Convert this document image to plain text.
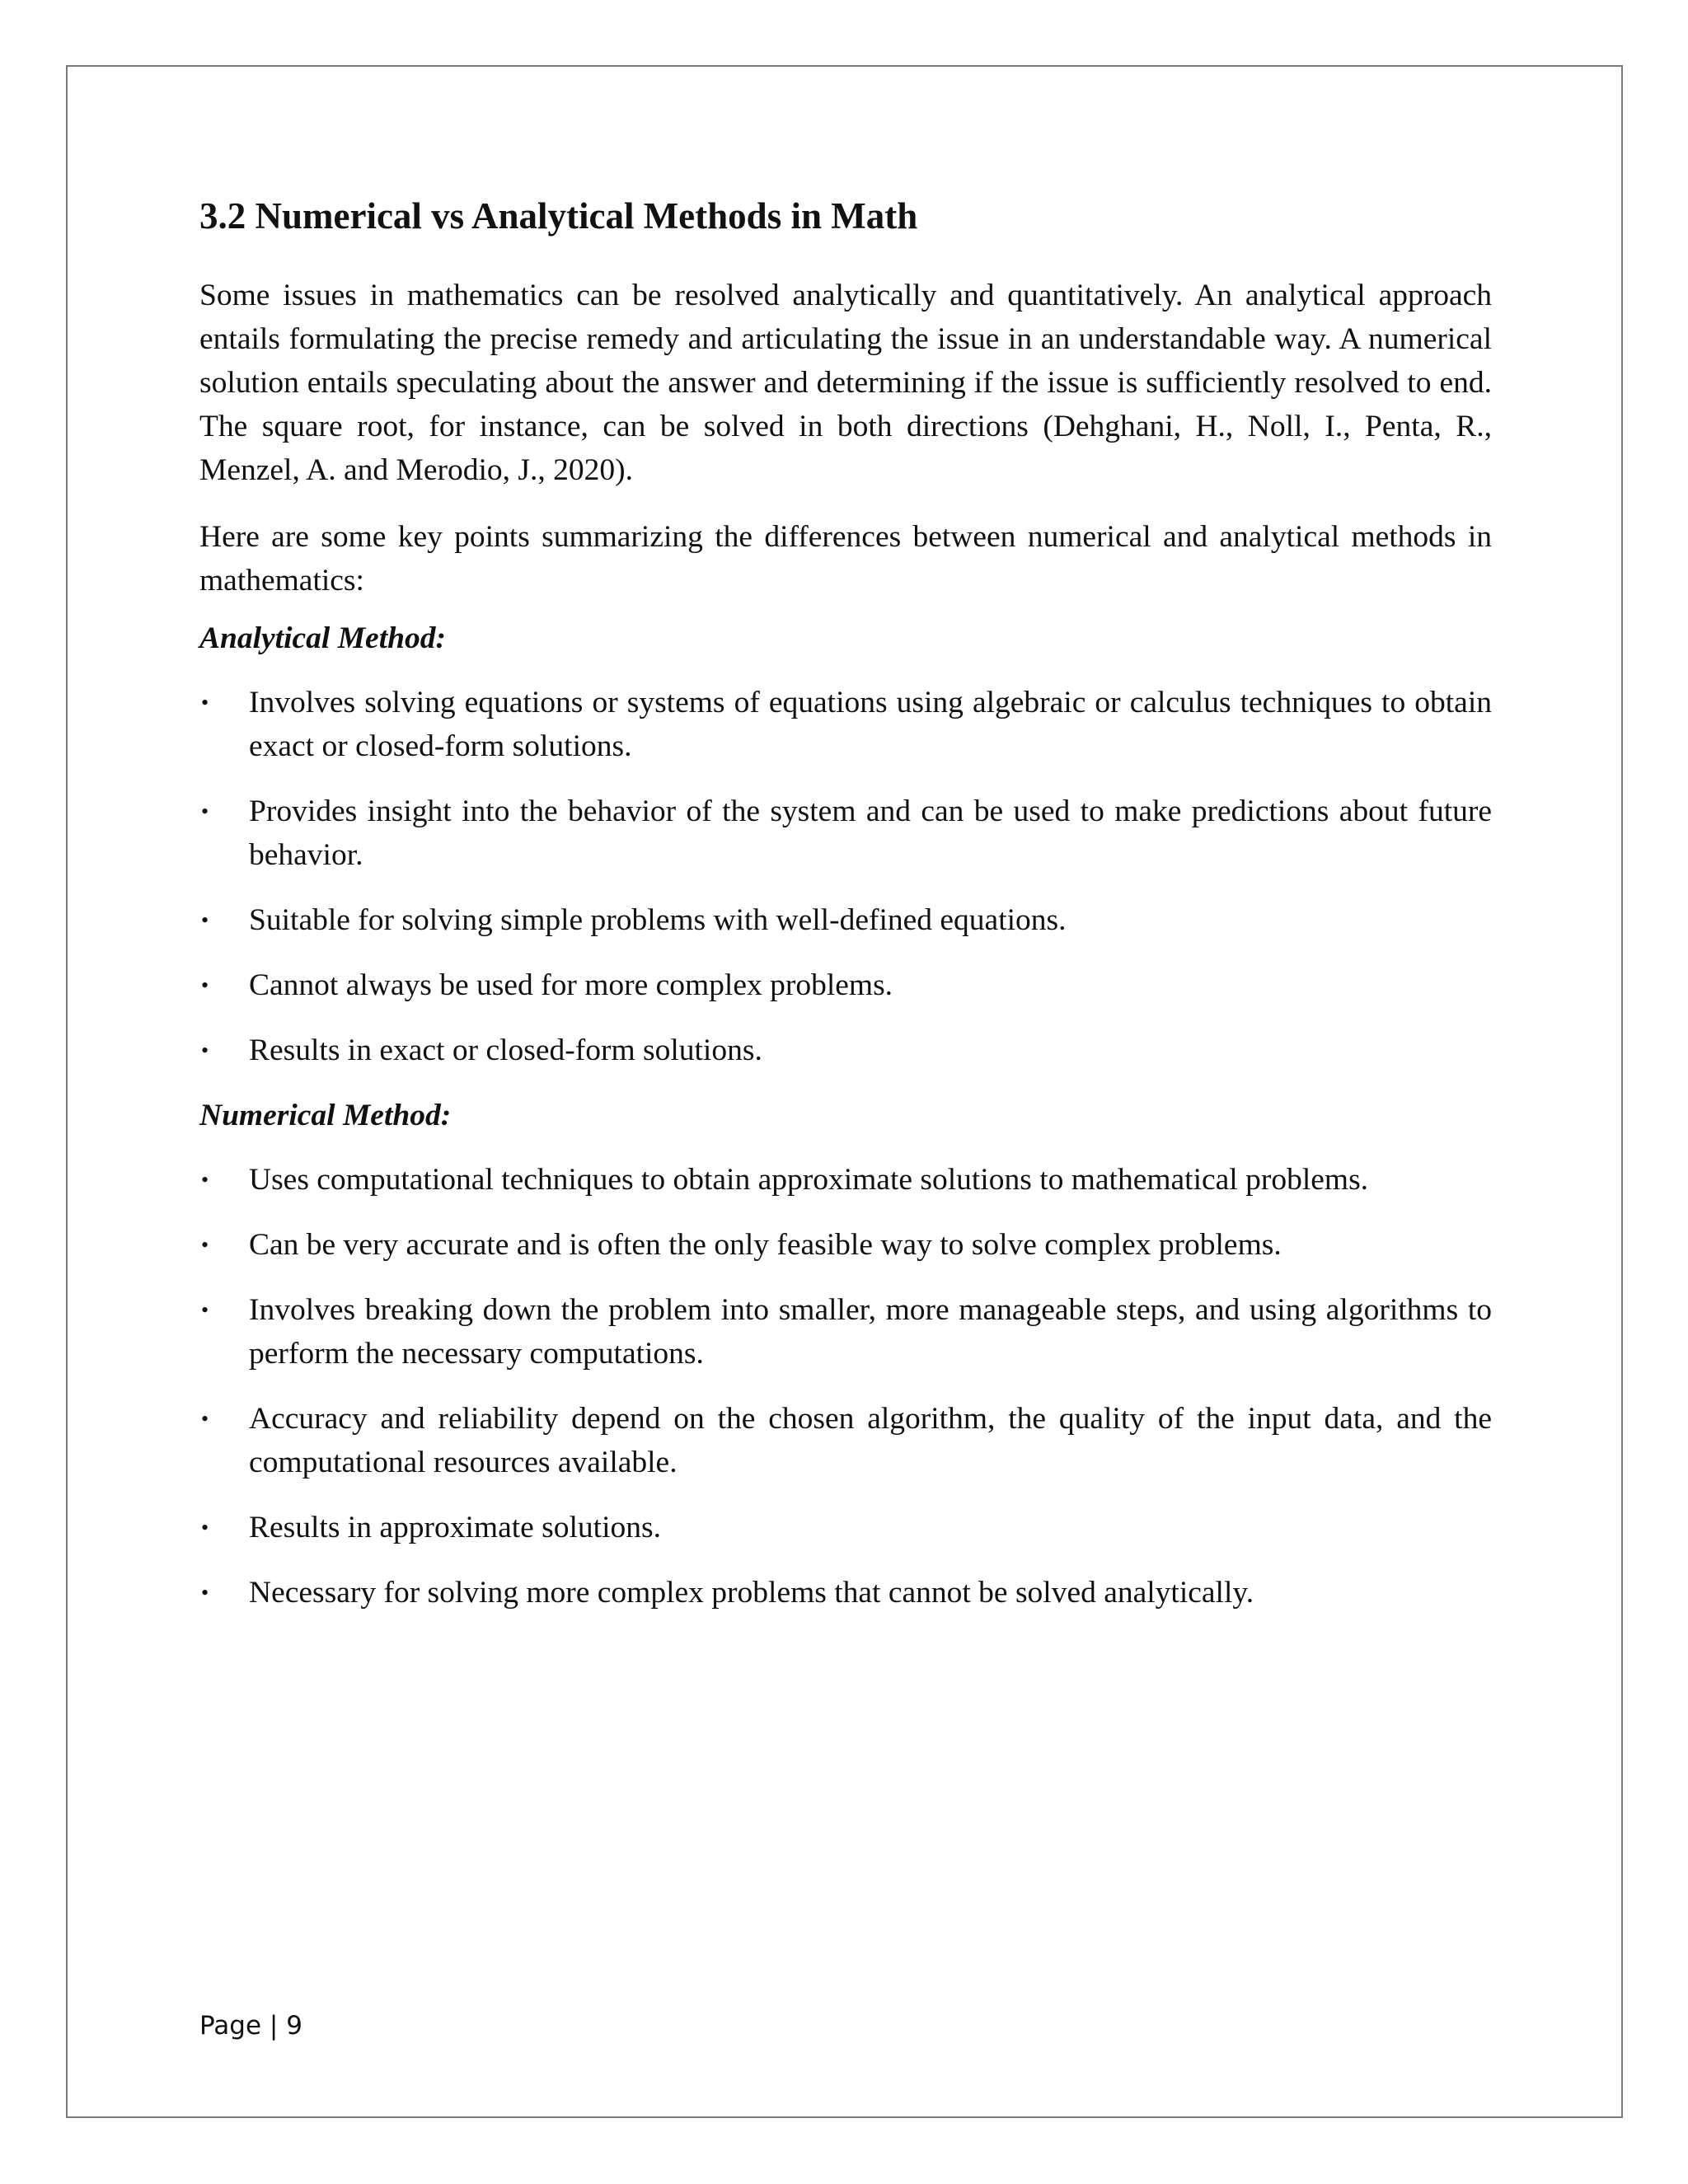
3.2 Numerical vs Analytical Methods in Math

Some issues in mathematics can be resolved analytically and quantitatively. An analytical approach entails formulating the precise remedy and articulating the issue in an understandable way. A numerical solution entails speculating about the answer and determining if the issue is sufficiently resolved to end. The square root, for instance, can be solved in both directions (Dehghani, H., Noll, I., Penta, R., Menzel, A. and Merodio, J., 2020).

Here are some key points summarizing the differences between numerical and analytical methods in mathematics:

Analytical Method:
• Involves solving equations or systems of equations using algebraic or calculus techniques to obtain exact or closed-form solutions.
• Provides insight into the behavior of the system and can be used to make predictions about future behavior.
• Suitable for solving simple problems with well-defined equations.
• Cannot always be used for more complex problems.
• Results in exact or closed-form solutions.
Numerical Method:
• Uses computational techniques to obtain approximate solutions to mathematical problems.
• Can be very accurate and is often the only feasible way to solve complex problems.
• Involves breaking down the problem into smaller, more manageable steps, and using algorithms to perform the necessary computations.
• Accuracy and reliability depend on the chosen algorithm, the quality of the input data, and the computational resources available.
• Results in approximate solutions.
• Necessary for solving more complex problems that cannot be solved analytically.
Page | 9
